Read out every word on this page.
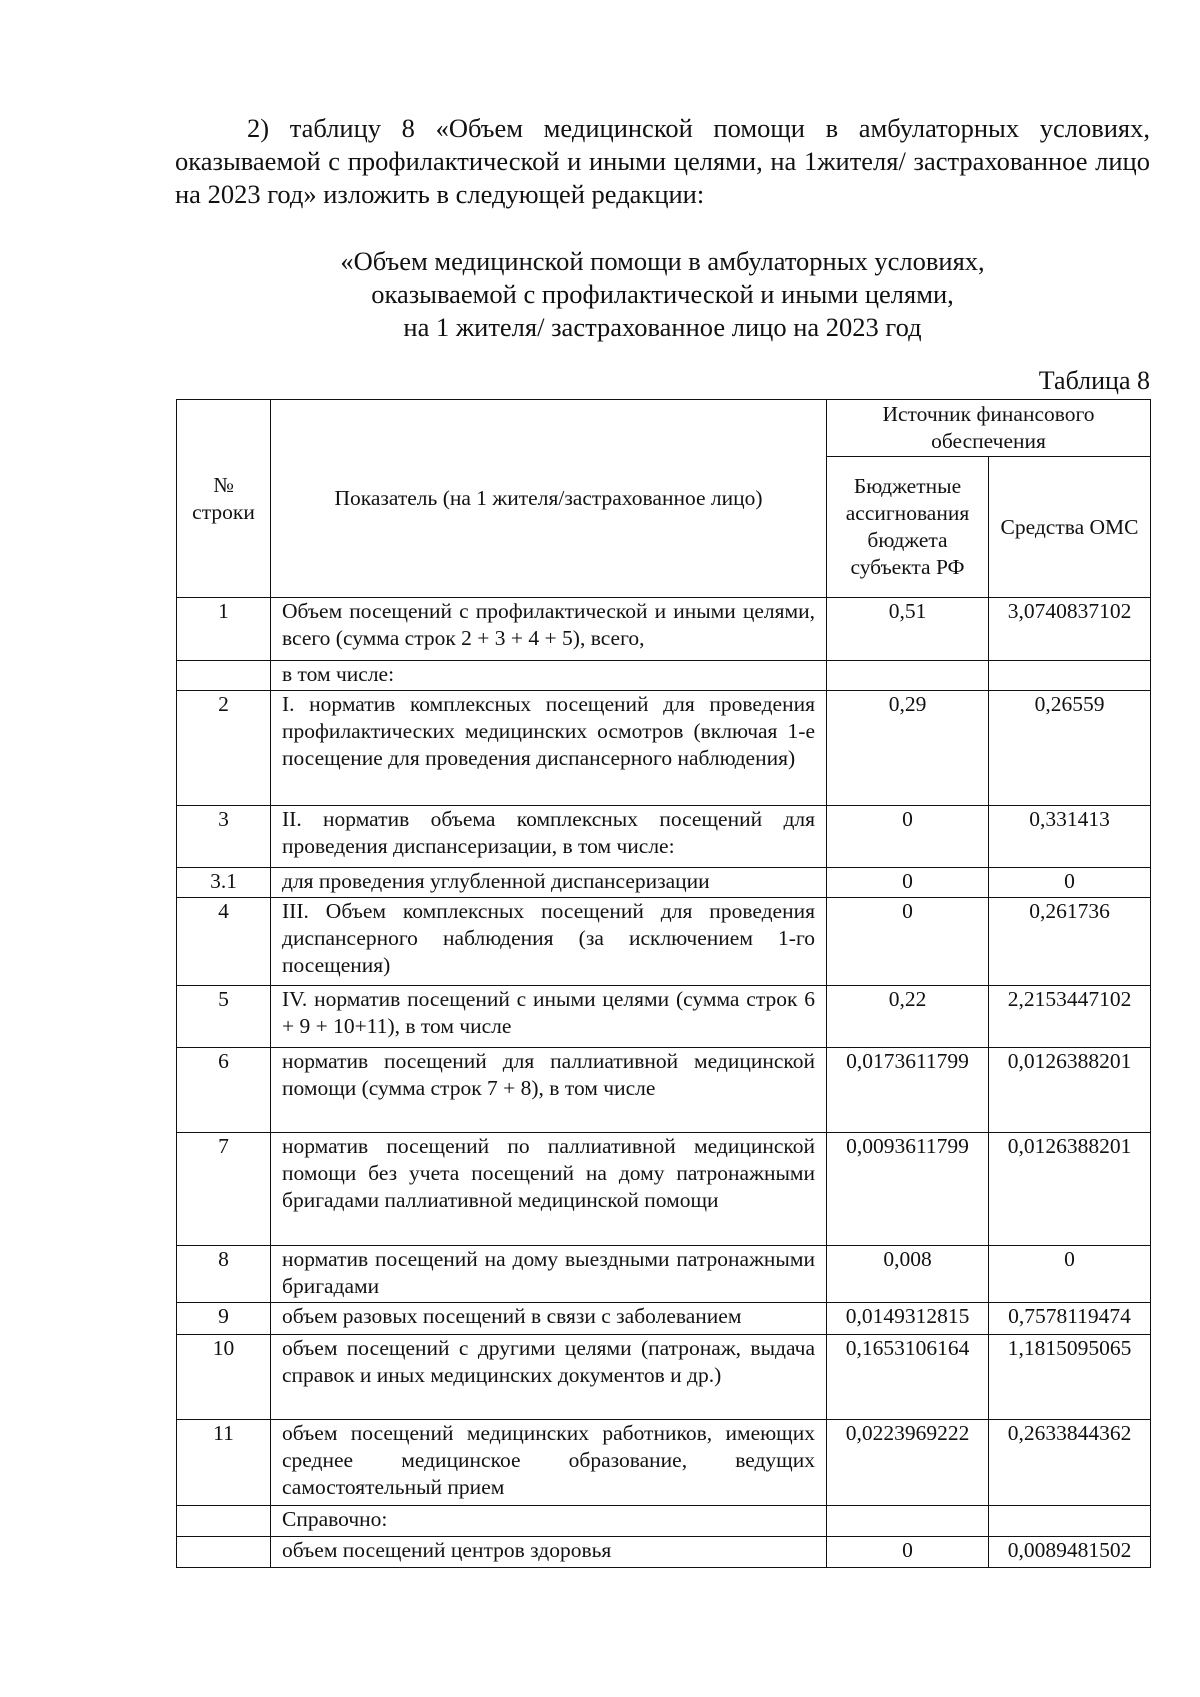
2) таблицу 8 «Объем медицинской помощи в амбулаторных условиях, оказываемой с профилактической и иными целями, на 1жителя/ застрахованное лицо на 2023 год» изложить в следующей редакции:

«Объем медицинской помощи в амбулаторных условиях,
оказываемой с профилактической и иными целями,
на 1 жителя/ застрахованное лицо на 2023 год

Таблица 8

№ строки	Показатель (на 1 жителя/застрахованное лицо)	Источник финансового обеспечения	
		Бюджетные ассигнования бюджета субъекта РФ	Средства ОМС
1	Объем посещений с профилактической и иными целями, всего (сумма строк 2 + 3 + 4 + 5), всего,	0,51	3,0740837102
	в том числе:		
2	I. норматив комплексных посещений для проведения профилактических медицинских осмотров (включая 1-е посещение для проведения диспансерного наблюдения)	0,29	0,26559
3	II. норматив объема комплексных посещений для проведения диспансеризации, в том числе:	0	0,331413
3.1	для проведения углубленной диспансеризации	0	0
4	III. Объем комплексных посещений для проведения диспансерного наблюдения (за исключением 1-го посещения)	0	0,261736
5	IV. норматив посещений с иными целями (сумма строк 6 + 9 + 10+11), в том числе	0,22	2,2153447102
6	норматив посещений для паллиативной медицинской помощи (сумма строк 7 + 8), в том числе	0,0173611799	0,0126388201
7	норматив посещений по паллиативной медицинской помощи без учета посещений на дому патронажными бригадами паллиативной медицинской помощи	0,0093611799	0,0126388201
8	норматив посещений на дому выездными патронажными бригадами	0,008	0
9	объем разовых посещений в связи с заболеванием	0,0149312815	0,7578119474
10	объем посещений с другими целями (патронаж, выдача справок и иных медицинских документов и др.)	0,1653106164	1,1815095065
11	объем посещений медицинских работников, имеющих среднее медицинское образование, ведущих самостоятельный прием	0,0223969222	0,2633844362
	Справочно:		
	объем посещений центров здоровья	0	0,0089481502
